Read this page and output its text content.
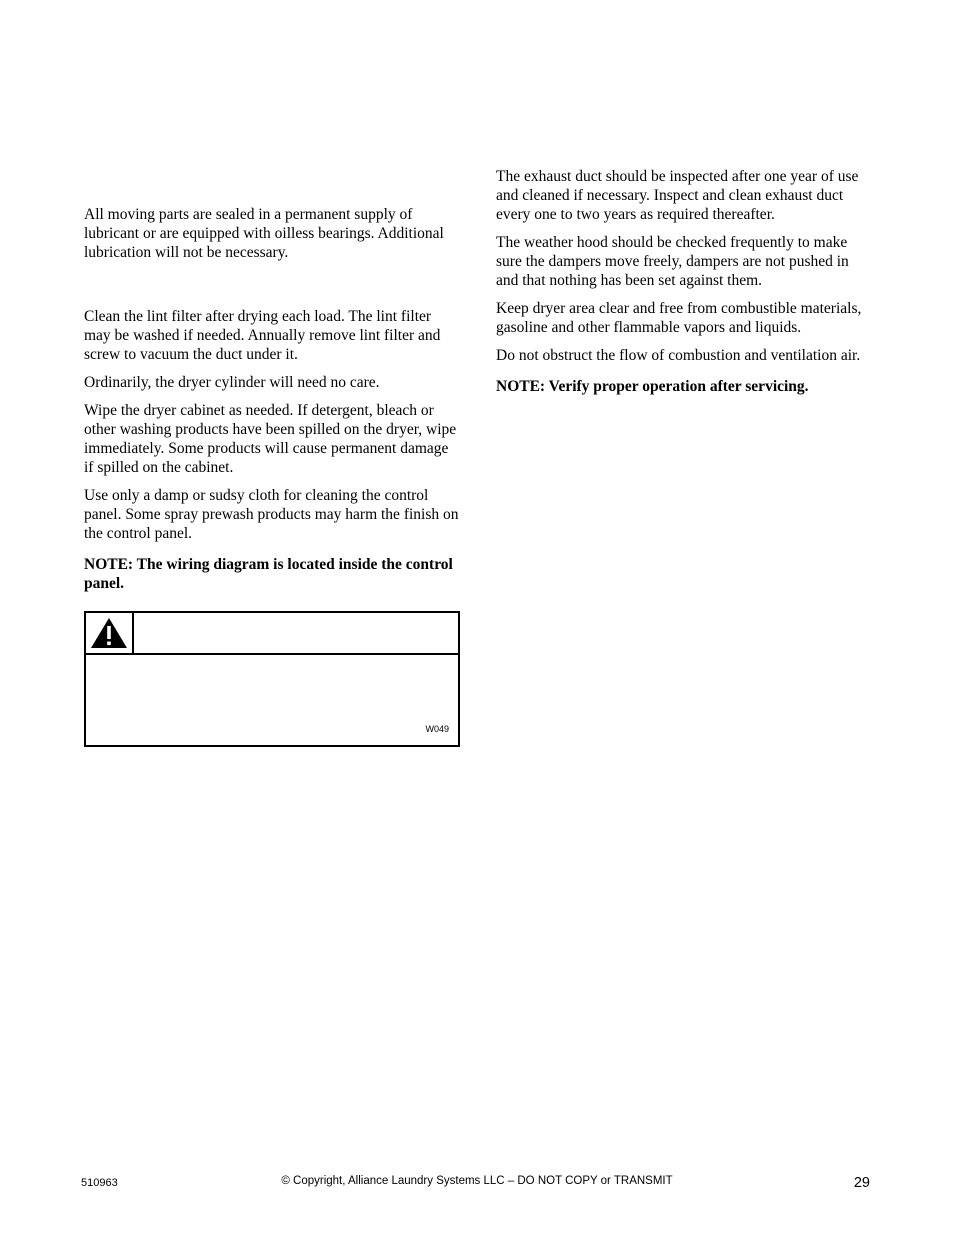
All moving parts are sealed in a permanent supply of lubricant or are equipped with oilless bearings. Additional lubrication will not be necessary.

Clean the lint filter after drying each load. The lint filter may be washed if needed. Annually remove lint filter and screw to vacuum the duct under it.

Ordinarily, the dryer cylinder will need no care.

Wipe the dryer cabinet as needed. If detergent, bleach or other washing products have been spilled on the dryer, wipe immediately. Some products will cause permanent damage if spilled on the cabinet.

Use only a damp or sudsy cloth for cleaning the control panel. Some spray prewash products may harm the finish on the control panel.

NOTE: The wiring diagram is located inside the control panel.

W049

The exhaust duct should be inspected after one year of use and cleaned if necessary. Inspect and clean exhaust duct every one to two years as required thereafter.

The weather hood should be checked frequently to make sure the dampers move freely, dampers are not pushed in and that nothing has been set against them.

Keep dryer area clear and free from combustible materials, gasoline and other flammable vapors and liquids.

Do not obstruct the flow of combustion and ventilation air.

NOTE: Verify proper operation after servicing.

510963	© Copyright, Alliance Laundry Systems LLC – DO NOT COPY or TRANSMIT	29
